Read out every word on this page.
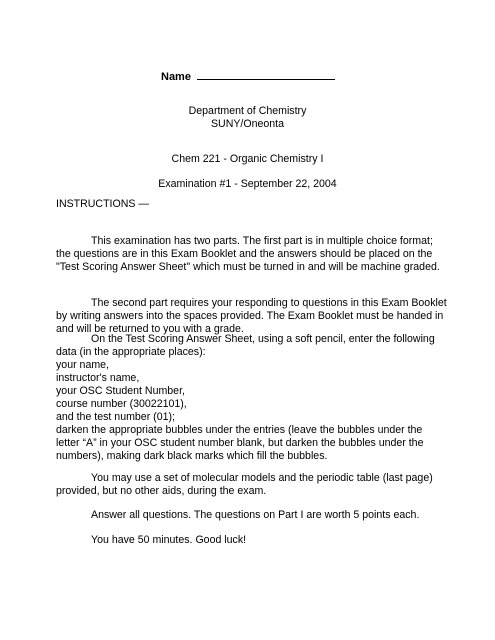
Name
Department of Chemistry
SUNY/Oneonta
Chem 221 - Organic Chemistry I
Examination #1 - September 22, 2004
INSTRUCTIONS —

This examination has two parts. The first part is in multiple choice format; the questions are in this Exam Booklet and the answers should be placed on the "Test Scoring Answer Sheet" which must be turned in and will be machine graded.

The second part requires your responding to questions in this Exam Booklet by writing answers into the spaces provided. The Exam Booklet must be handed in and will be returned to you with a grade.

On the Test Scoring Answer Sheet, using a soft pencil, enter the following data (in the appropriate places):

your name,

instructor's name,

your OSC Student Number,

course number (30022101),

and the test number (01);

darken the appropriate bubbles under the entries (leave the bubbles under the letter “A” in your OSC student number blank, but darken the bubbles under the numbers), making dark black marks which fill the bubbles.

You may use a set of molecular models and the periodic table (last page) provided, but no other aids, during the exam.

Answer all questions. The questions on Part I are worth 5 points each.

You have 50 minutes. Good luck!
